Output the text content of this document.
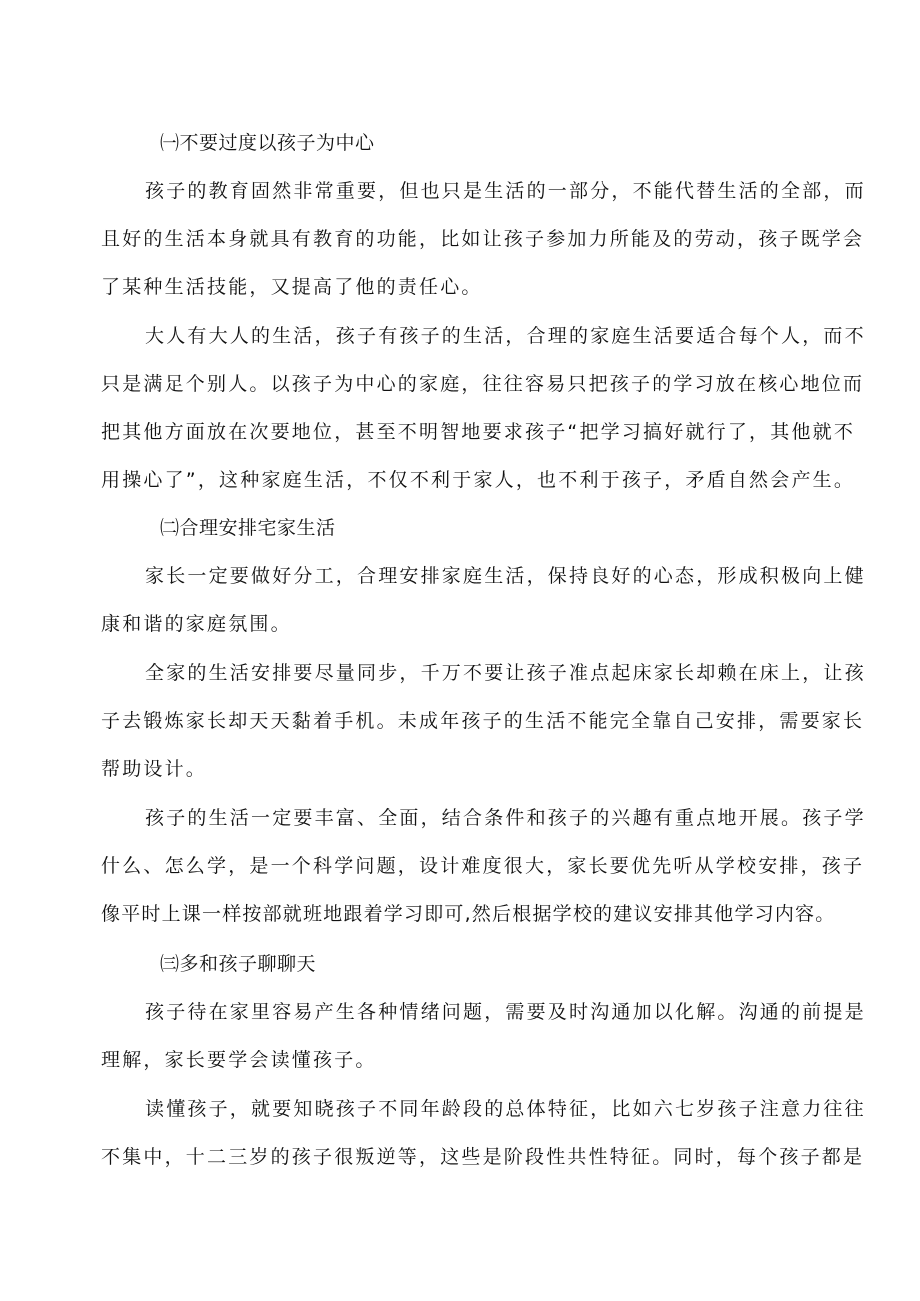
㈠不要过度以孩子为中心
孩子的教育固然非常重要，但也只是生活的一部分，不能代替生活的全部，而
且好的生活本身就具有教育的功能，比如让孩子参加力所能及的劳动，孩子既学会
了某种生活技能，又提高了他的责任心。
大人有大人的生活，孩子有孩子的生活，合理的家庭生活要适合每个人，而不
只是满足个别人。以孩子为中心的家庭，往往容易只把孩子的学习放在核心地位而
把其他方面放在次要地位，甚至不明智地要求孩子“把学习搞好就行了，其他就不
用操心了”，这种家庭生活，不仅不利于家人，也不利于孩子，矛盾自然会产生。
㈡合理安排宅家生活
家长一定要做好分工，合理安排家庭生活，保持良好的心态，形成积极向上健
康和谐的家庭氛围。
全家的生活安排要尽量同步，千万不要让孩子准点起床家长却赖在床上，让孩
子去锻炼家长却天天黏着手机。未成年孩子的生活不能完全靠自己安排，需要家长
帮助设计。
孩子的生活一定要丰富、全面，结合条件和孩子的兴趣有重点地开展。孩子学
什么、怎么学，是一个科学问题，设计难度很大，家长要优先听从学校安排，孩子
像平时上课一样按部就班地跟着学习即可,然后根据学校的建议安排其他学习内容。
㈢多和孩子聊聊天
孩子待在家里容易产生各种情绪问题，需要及时沟通加以化解。沟通的前提是
理解，家长要学会读懂孩子。
读懂孩子，就要知晓孩子不同年龄段的总体特征，比如六七岁孩子注意力往往
不集中，十二三岁的孩子很叛逆等，这些是阶段性共性特征。同时，每个孩子都是
